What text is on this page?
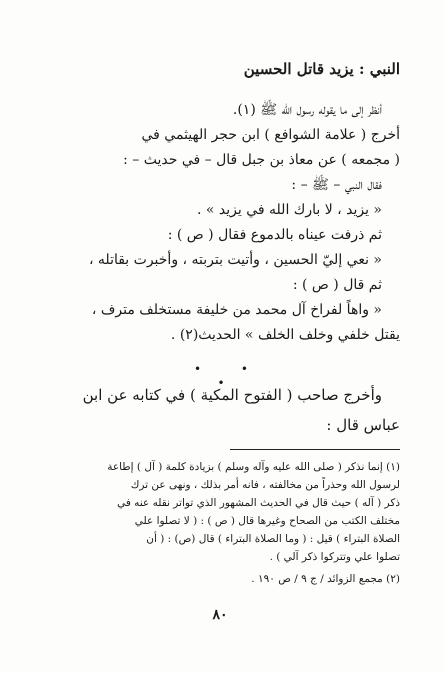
النبي : يزيد قاتل الحسين

أنظر إلى ما يقوله رسول الله ﷺ (١).

أخرج ( علامة الشوافع ) ابن حجر الهيثمي في

( مجمعه ) عن معاذ بن جبل قال – في حديث – :

فقال النبي – ﷺ – :

« يزيد ، لا بارك الله في يزيد » .

ثم ذرفت عيناه بالدموع فقال ( ص ) :

« نعي إليّ الحسين ، وأتيت بتربته ، وأخبرت بقاتله ،

ثم قال ( ص ) :

« واهاً لفراخ آل محمد من خليفة مستخلف مترف ،

يقتل خلفي وخلف الخلف » الحديث(٢) .

• • •

وأخرج صاحب ( الفتوح المكية ) في كتابه عن ابن

عباس قال :

(١) إنما نذكر ( صلى الله عليه وآله وسلم ) بزيادة كلمة ( آل ) إطاعة
لرسول الله وحذراً من مخالفته ، فانه أمر بذلك ، ونهى عن ترك
ذكر ( آله ) حيث قال في الحديث المشهور الذي تواتر نقله عنه في
مختلف الكتب من الصحاح وغيرها قال ( ص ) : ( لا تصلوا علي
الصلاة البتراء ) قيل : ( وما الصلاة البتراء ) قال (ص) : ( أن
تصلوا علي وتتركوا ذكر آلي ) .

(٢) مجمع الزوائد / ج ٩ / ص ١٩٠ .

٨٠
